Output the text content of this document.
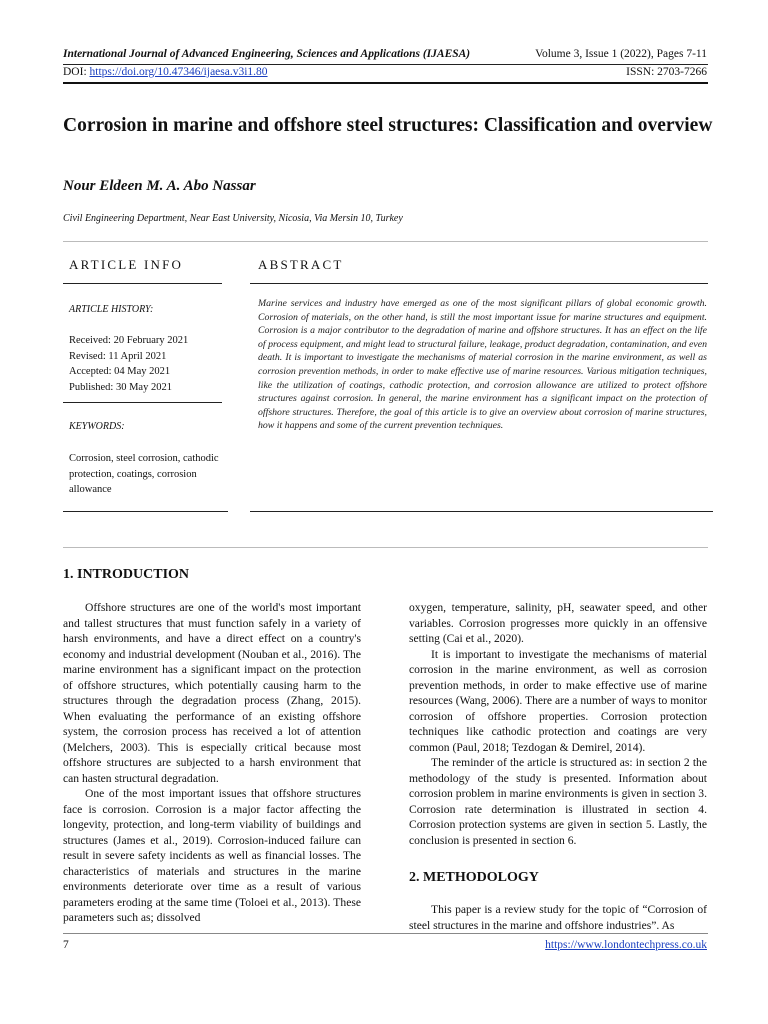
International Journal of Advanced Engineering, Sciences and Applications (IJAESA)	Volume 3, Issue 1 (2022), Pages 7-11
DOI: https://doi.org/10.47346/ijaesa.v3i1.80	ISSN: 2703-7266
Corrosion in marine and offshore steel structures: Classification and overview
Nour Eldeen M. A. Abo Nassar
Civil Engineering Department, Near East University, Nicosia, Via Mersin 10, Turkey
ARTICLE INFO
ARTICLE HISTORY:
Received: 20 February 2021
Revised: 11 April 2021
Accepted: 04 May 2021
Published: 30 May 2021
KEYWORDS:
Corrosion, steel corrosion, cathodic protection, coatings, corrosion allowance
ABSTRACT
Marine services and industry have emerged as one of the most significant pillars of global economic growth. Corrosion of materials, on the other hand, is still the most important issue for marine structures and equipment. Corrosion is a major contributor to the degradation of marine and offshore structures. It has an effect on the life of process equipment, and might lead to structural failure, leakage, product degradation, contamination, and even death. It is important to investigate the mechanisms of material corrosion in the marine environment, as well as corrosion prevention methods, in order to make effective use of marine resources. Various mitigation techniques, like the utilization of coatings, cathodic protection, and corrosion allowance are utilized to protect offshore structures against corrosion. In general, the marine environment has a significant impact on the protection of offshore structures. Therefore, the goal of this article is to give an overview about corrosion of marine structures, how it happens and some of the current prevention techniques.
1. INTRODUCTION

Offshore structures are one of the world's most important and tallest structures that must function safely in a variety of harsh environments, and have a direct effect on a country's economy and industrial development (Nouban et al., 2016). The marine environment has a significant impact on the protection of offshore structures, which potentially causing harm to the structures through the degradation process (Zhang, 2015). When evaluating the performance of an existing offshore system, the corrosion process has received a lot of attention (Melchers, 2003). This is especially critical because most offshore structures are subjected to a harsh environment that can hasten structural degradation.

One of the most important issues that offshore structures face is corrosion. Corrosion is a major factor affecting the longevity, protection, and long-term viability of buildings and structures (James et al., 2019). Corrosion-induced failure can result in severe safety incidents as well as financial losses. The characteristics of materials and structures in the marine environments deteriorate over time as a result of various parameters eroding at the same time (Toloei et al., 2013). These parameters such as; dissolved

oxygen, temperature, salinity, pH, seawater speed, and other variables. Corrosion progresses more quickly in an offensive setting (Cai et al., 2020).

It is important to investigate the mechanisms of material corrosion in the marine environment, as well as corrosion prevention methods, in order to make effective use of marine resources (Wang, 2006). There are a number of ways to monitor corrosion of offshore properties. Corrosion protection techniques like cathodic protection and coatings are very common (Paul, 2018; Tezdogan & Demirel, 2014).

The reminder of the article is structured as: in section 2 the methodology of the study is presented. Information about corrosion problem in marine environments is given in section 3. Corrosion rate determination is illustrated in section 4. Corrosion protection systems are given in section 5. Lastly, the conclusion is presented in section 6.

2. METHODOLOGY

This paper is a review study for the topic of “Corrosion of steel structures in the marine and offshore industries”. As

7	https://www.londontechpress.co.uk
